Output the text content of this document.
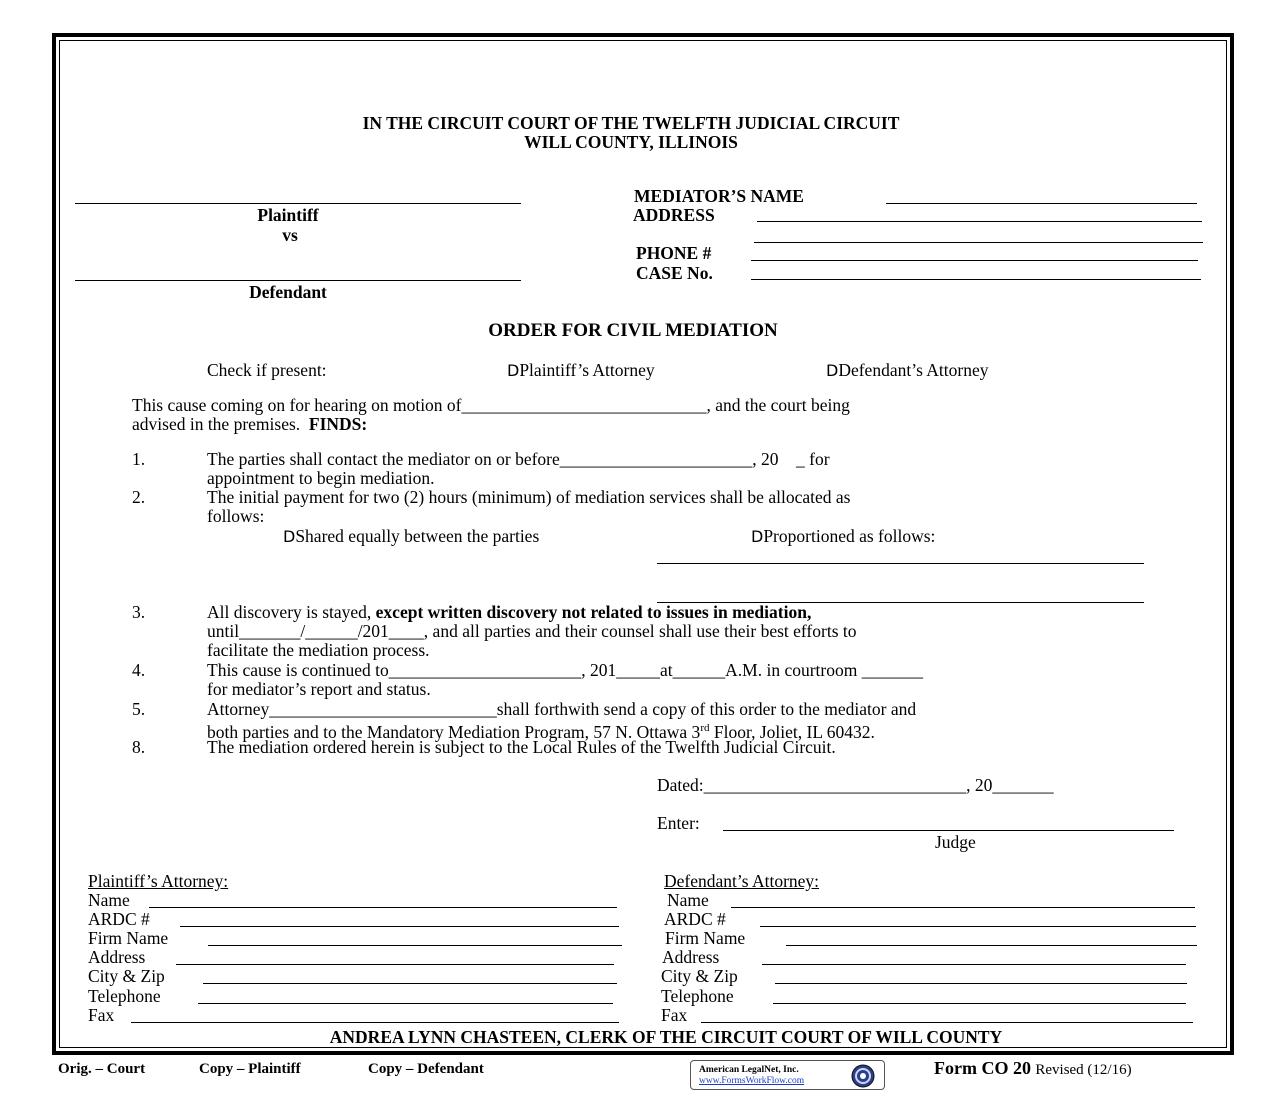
IN THE CIRCUIT COURT OF THE TWELFTH JUDICIAL CIRCUIT
WILL COUNTY, ILLINOIS
Plaintiff
vs
Defendant
MEDIATOR’S NAME
ADDRESS
PHONE #
CASE No.
ORDER FOR CIVIL MEDIATION
Check if present:	DPlaintiff’s Attorney	DDefendant’s Attorney
This cause coming on for hearing on motion of____________________________, and the court being
advised in the premises. FINDS:
1.	The parties shall contact the mediator on or before______________________, 20 _ for
appointment to begin mediation.
2.	The initial payment for two (2) hours (minimum) of mediation services shall be allocated as
follows:
DShared equally between the parties	DProportioned as follows:
3.	All discovery is stayed, except written discovery not related to issues in mediation,
until_______/______/201____, and all parties and their counsel shall use their best efforts to
facilitate the mediation process.
4.	This cause is continued to______________________, 201_____at______A.M. in courtroom _______
for mediator’s report and status.
5.	Attorney__________________________shall forthwith send a copy of this order to the mediator and
both parties and to the Mandatory Mediation Program, 57 N. Ottawa 3rd Floor, Joliet, IL 60432.
8.	The mediation ordered herein is subject to the Local Rules of the Twelfth Judicial Circuit.
Dated:______________________________, 20_______
Enter:
Judge
Plaintiff’s Attorney:
Name
ARDC #
Firm Name
Address
City & Zip
Telephone
Fax
Defendant’s Attorney:
Name
ARDC #
Firm Name
Address
City & Zip
Telephone
Fax
ANDREA LYNN CHASTEEN, CLERK OF THE CIRCUIT COURT OF WILL COUNTY
Orig. – Court	Copy – Plaintiff	Copy – Defendant	American LegalNet, Inc.
www.FormsWorkFlow.com
Form CO 20 Revised (12/16)
